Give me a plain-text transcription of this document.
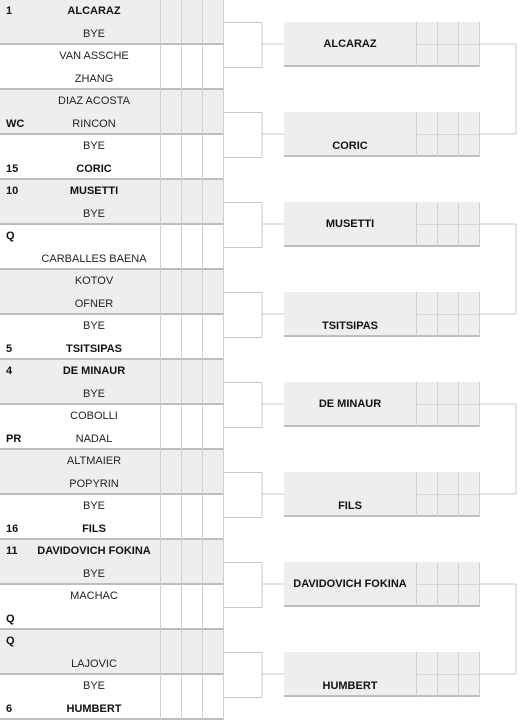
1	ALCARAZ
BYE
VAN ASSCHE
ZHANG
DIAZ ACOSTA
WC	RINCON
BYE
15	CORIC
10	MUSETTI
BYE
Q
CARBALLES BAENA
KOTOV
OFNER
BYE
5	TSITSIPAS
4	DE MINAUR
BYE
COBOLLI
PR	NADAL
ALTMAIER
POPYRIN
BYE
16	FILS
11	DAVIDOVICH FOKINA
BYE
MACHAC
Q
Q
LAJOVIC
BYE
6	HUMBERT
ALCARAZ
CORIC
MUSETTI
TSITSIPAS
DE MINAUR
FILS
DAVIDOVICH FOKINA
HUMBERT
